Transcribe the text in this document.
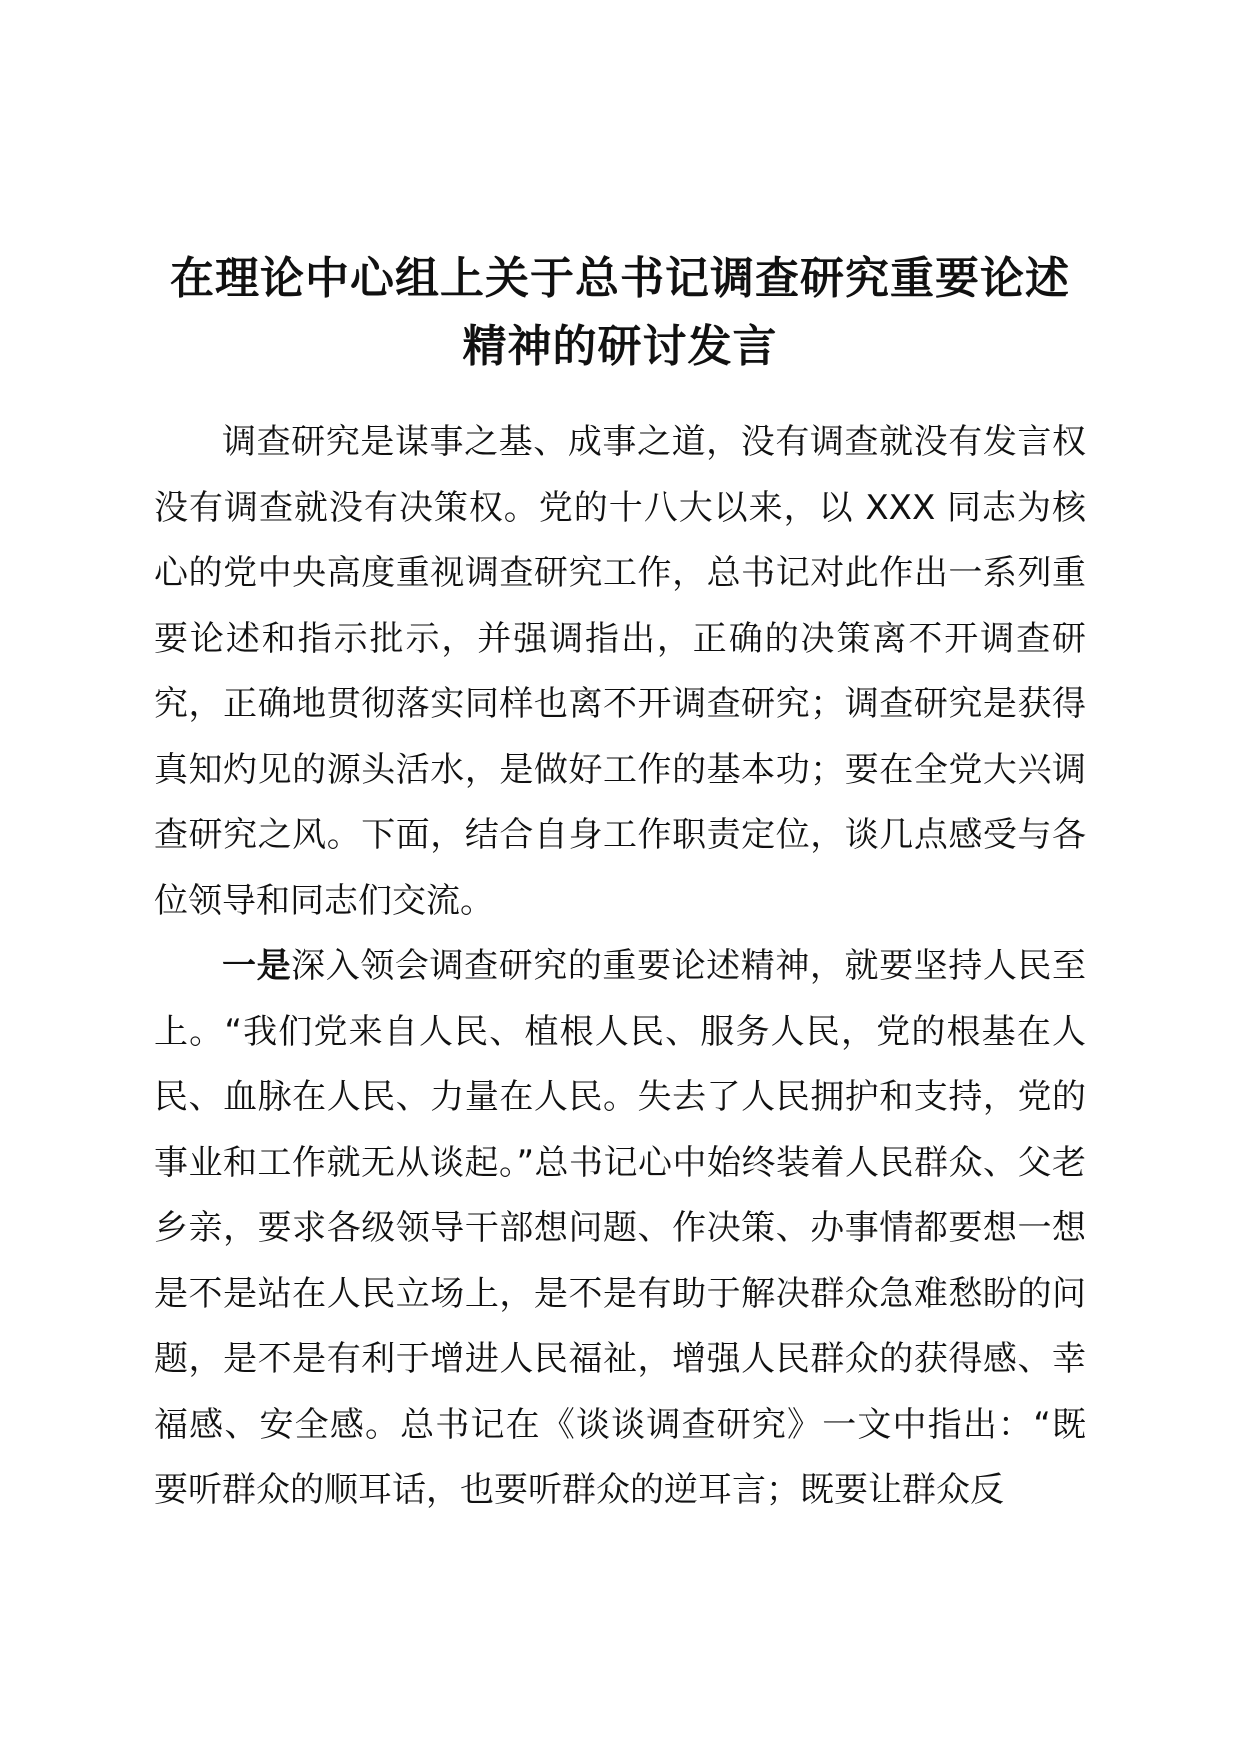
在理论中心组上关于总书记调查研究重要论述
精神的研讨发言

调查研究是谋事之基、成事之道，没有调查就没有发言权没有调查就没有决策权。党的十八大以来，以 XXX 同志为核心的党中央高度重视调查研究工作，总书记对此作出一系列重要论述和指示批示，并强调指出，正确的决策离不开调查研究，正确地贯彻落实同样也离不开调查研究；调查研究是获得真知灼见的源头活水，是做好工作的基本功；要在全党大兴调查研究之风。下面，结合自身工作职责定位，谈几点感受与各位领导和同志们交流。

一是深入领会调查研究的重要论述精神，就要坚持人民至上。“我们党来自人民、植根人民、服务人民，党的根基在人民、血脉在人民、力量在人民。失去了人民拥护和支持，党的事业和工作就无从谈起。”总书记心中始终装着人民群众、父老乡亲，要求各级领导干部想问题、作决策、办事情都要想一想是不是站在人民立场上，是不是有助于解决群众急难愁盼的问题，是不是有利于增进人民福祉，增强人民群众的获得感、幸福感、安全感。总书记在《谈谈调查研究》一文中指出：“既要听群众的顺耳话，也要听群众的逆耳言；既要让群众反
